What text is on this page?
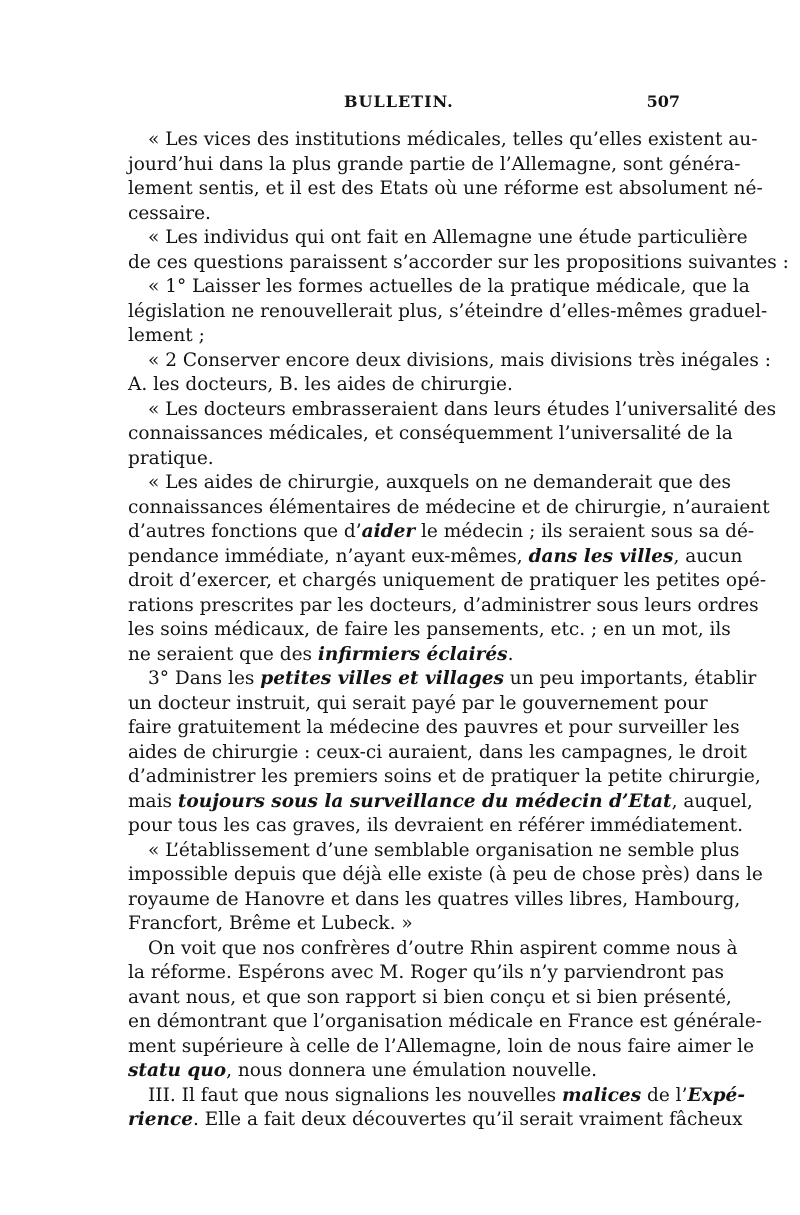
BULLETIN.	507
« Les vices des institutions médicales, telles qu’elles existent au-
jourd’hui dans la plus grande partie de l’Allemagne, sont généra-
lement sentis, et il est des Etats où une réforme est absolument né-
cessaire.
« Les individus qui ont fait en Allemagne une étude particulière
de ces questions paraissent s’accorder sur les propositions suivantes :
« 1° Laisser les formes actuelles de la pratique médicale, que la
législation ne renouvellerait plus, s’éteindre d’elles-mêmes graduel-
lement ;
« 2 Conserver encore deux divisions, mais divisions très inégales :
A. les docteurs, B. les aides de chirurgie.
« Les docteurs embrasseraient dans leurs études l’universalité des
connaissances médicales, et conséquemment l’universalité de la
pratique.
« Les aides de chirurgie, auxquels on ne demanderait que des
connaissances élémentaires de médecine et de chirurgie, n’auraient
d’autres fonctions que d’aider le médecin ; ils seraient sous sa dé-
pendance immédiate, n’ayant eux-mêmes, dans les villes, aucun
droit d’exercer, et chargés uniquement de pratiquer les petites opé-
rations prescrites par les docteurs, d’administrer sous leurs ordres
les soins médicaux, de faire les pansements, etc. ; en un mot, ils
ne seraient que des infirmiers éclairés.
3° Dans les petites villes et villages un peu importants, établir
un docteur instruit, qui serait payé par le gouvernement pour
faire gratuitement la médecine des pauvres et pour surveiller les
aides de chirurgie : ceux-ci auraient, dans les campagnes, le droit
d’administrer les premiers soins et de pratiquer la petite chirurgie,
mais toujours sous la surveillance du médecin d’Etat, auquel,
pour tous les cas graves, ils devraient en référer immédiatement.
« L’établissement d’une semblable organisation ne semble plus
impossible depuis que déjà elle existe (à peu de chose près) dans le
royaume de Hanovre et dans les quatres villes libres, Hambourg,
Francfort, Brême et Lubeck. »
On voit que nos confrères d’outre Rhin aspirent comme nous à
la réforme. Espérons avec M. Roger qu’ils n’y parviendront pas
avant nous, et que son rapport si bien conçu et si bien présenté,
en démontrant que l’organisation médicale en France est générale-
ment supérieure à celle de l’Allemagne, loin de nous faire aimer le
statu quo, nous donnera une émulation nouvelle.
III. Il faut que nous signalions les nouvelles malices de l’Expé-
rience. Elle a fait deux découvertes qu’il serait vraiment fâcheux
